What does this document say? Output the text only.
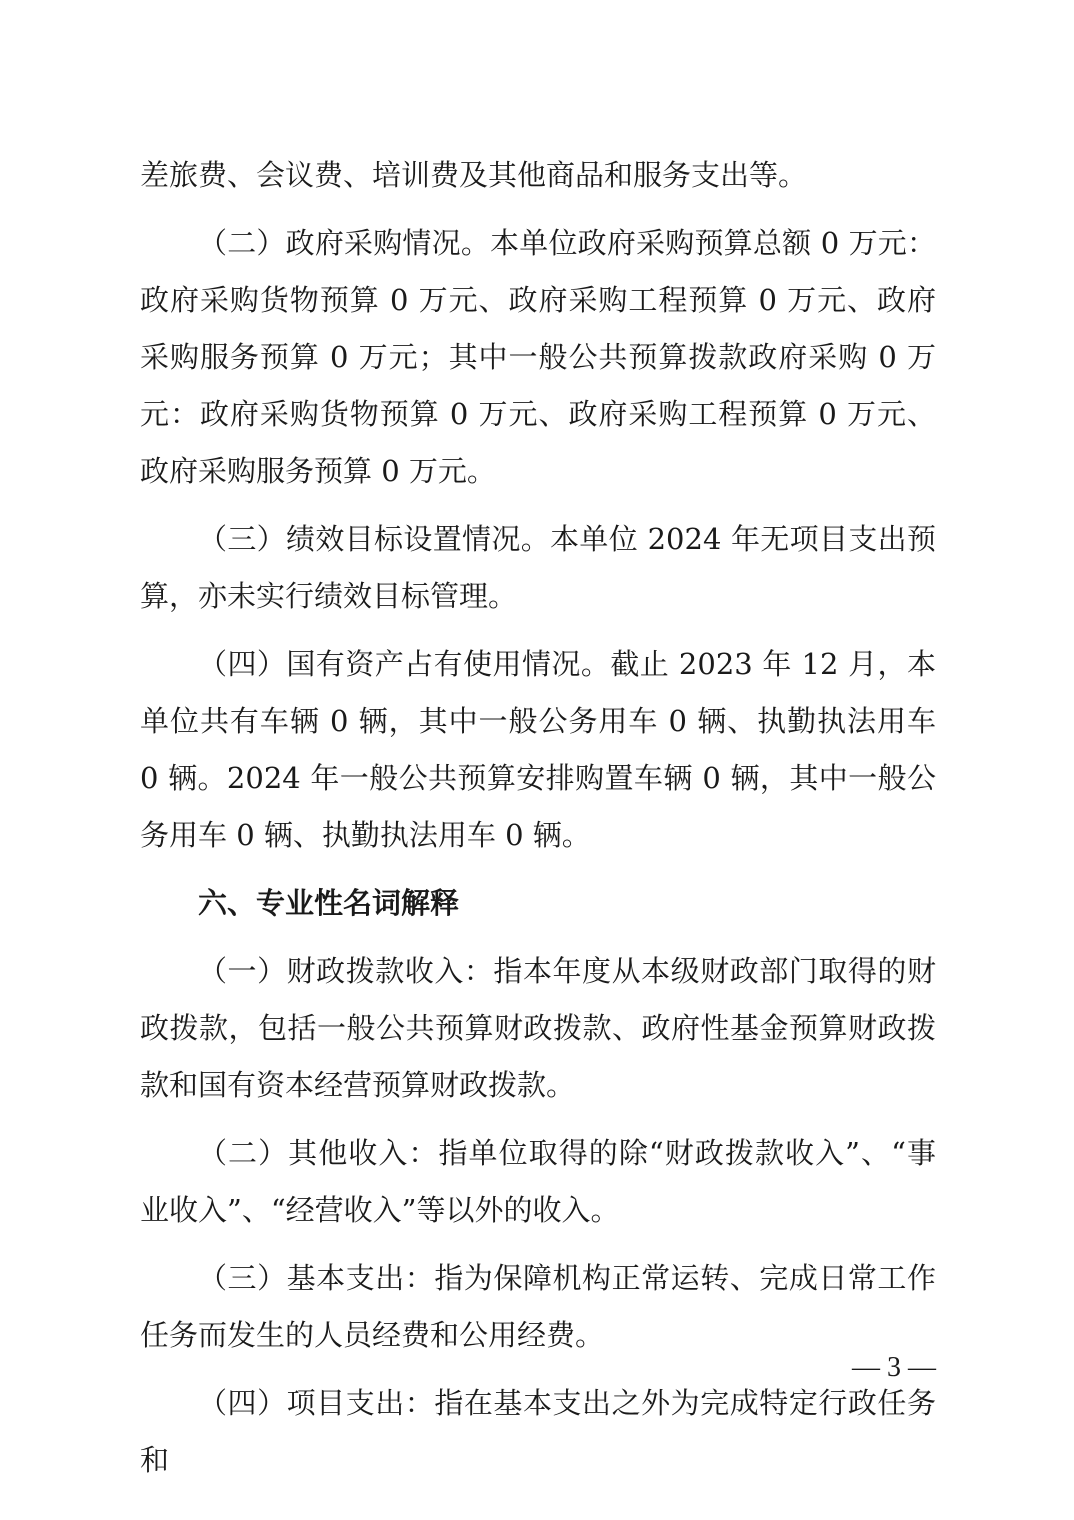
差旅费、会议费、培训费及其他商品和服务支出等。

（二）政府采购情况。本单位政府采购预算总额 0 万元：政府采购货物预算 0 万元、政府采购工程预算 0 万元、政府采购服务预算 0 万元；其中一般公共预算拨款政府采购 0 万元：政府采购货物预算 0 万元、政府采购工程预算 0 万元、政府采购服务预算 0 万元。

（三）绩效目标设置情况。本单位 2024 年无项目支出预算，亦未实行绩效目标管理。

（四）国有资产占有使用情况。截止 2023 年 12 月，本单位共有车辆 0 辆，其中一般公务用车 0 辆、执勤执法用车 0 辆。2024 年一般公共预算安排购置车辆 0 辆，其中一般公务用车 0 辆、执勤执法用车 0 辆。

六、专业性名词解释

（一）财政拨款收入：指本年度从本级财政部门取得的财政拨款，包括一般公共预算财政拨款、政府性基金预算财政拨款和国有资本经营预算财政拨款。

（二）其他收入：指单位取得的除“财政拨款收入”、“事业收入”、“经营收入”等以外的收入。

（三）基本支出：指为保障机构正常运转、完成日常工作任务而发生的人员经费和公用经费。

（四）项目支出：指在基本支出之外为完成特定行政任务和

— 3 —
